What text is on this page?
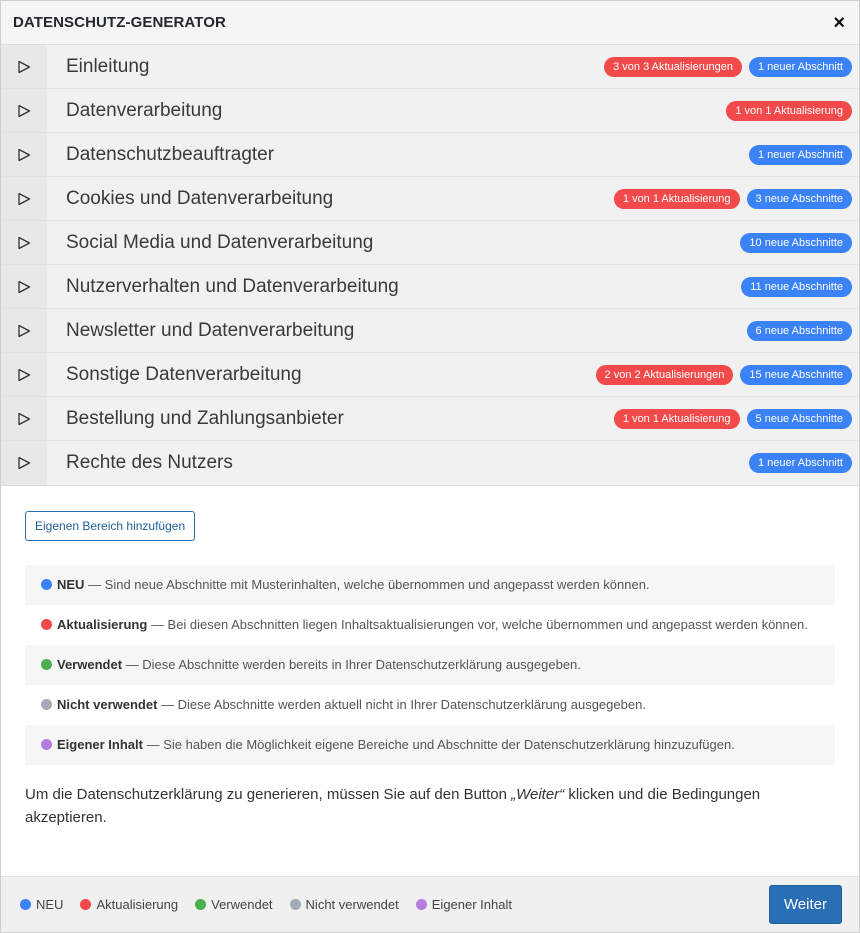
DATENSCHUTZ-GENERATOR	×
Einleitung	3 von 3 Aktualisierungen	1 neuer Abschnitt
Datenverarbeitung	1 von 1 Aktualisierung
Datenschutzbeauftragter	1 neuer Abschnitt
Cookies und Datenverarbeitung	1 von 1 Aktualisierung	3 neue Abschnitte
Social Media und Datenverarbeitung	10 neue Abschnitte
Nutzerverhalten und Datenverarbeitung	11 neue Abschnitte
Newsletter und Datenverarbeitung	6 neue Abschnitte
Sonstige Datenverarbeitung	2 von 2 Aktualisierungen	15 neue Abschnitte
Bestellung und Zahlungsanbieter	1 von 1 Aktualisierung	5 neue Abschnitte
Rechte des Nutzers	1 neuer Abschnitt
Eigenen Bereich hinzufügen
NEU — Sind neue Abschnitte mit Musterinhalten, welche übernommen und angepasst werden können.
Aktualisierung — Bei diesen Abschnitten liegen Inhaltsaktualisierungen vor, welche übernommen und angepasst werden können.
Verwendet — Diese Abschnitte werden bereits in Ihrer Datenschutzerklärung ausgegeben.
Nicht verwendet — Diese Abschnitte werden aktuell nicht in Ihrer Datenschutzerklärung ausgegeben.
Eigener Inhalt — Sie haben die Möglichkeit eigene Bereiche und Abschnitte der Datenschutzerklärung hinzuzufügen.

Um die Datenschutzerklärung zu generieren, müssen Sie auf den Button „Weiter“ klicken und die Bedingungen akzeptieren.

NEU	Aktualisierung	Verwendet	Nicht verwendet	Eigener Inhalt	Weiter
